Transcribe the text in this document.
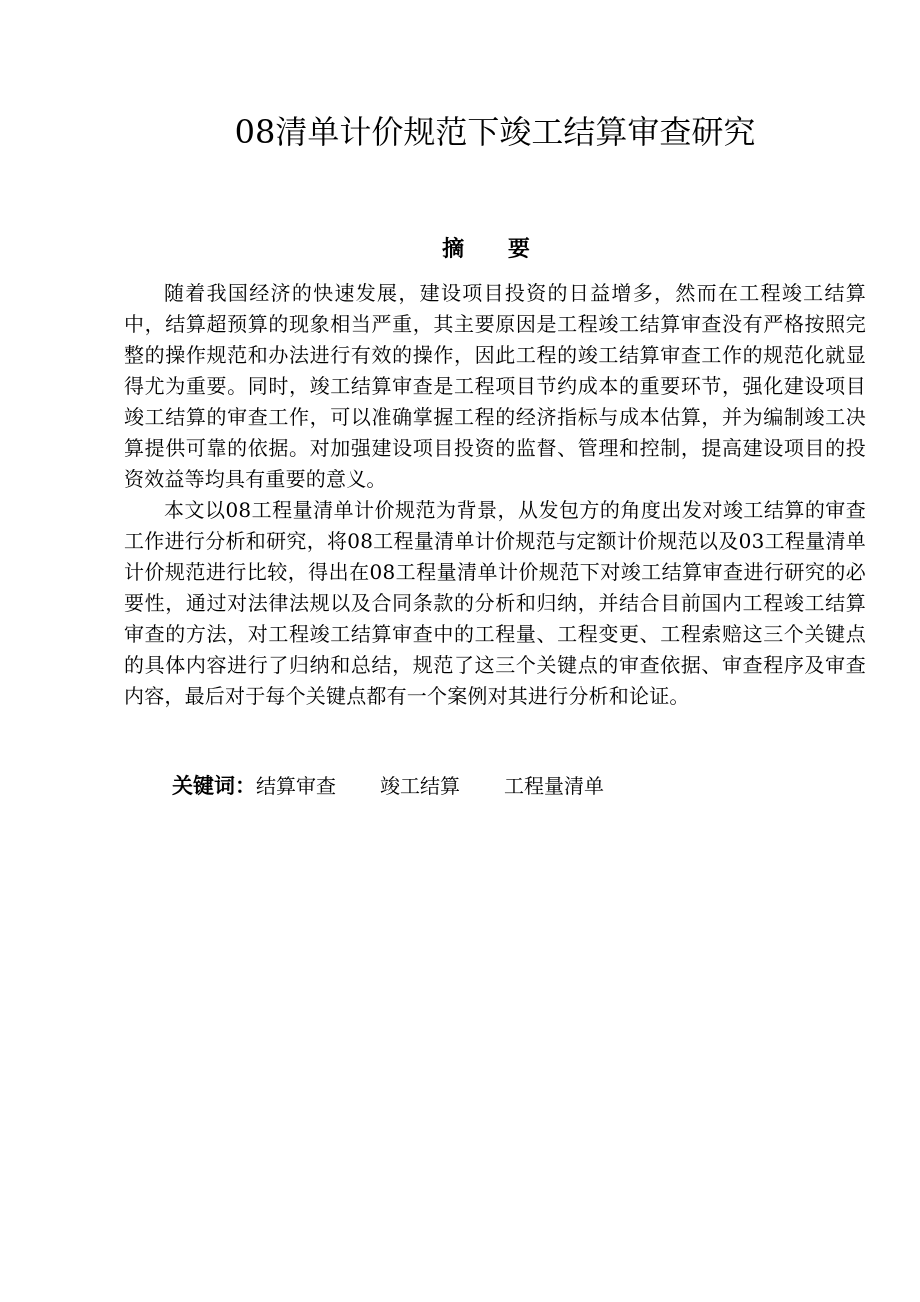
08清单计价规范下竣工结算审查研究
摘 要

随着我国经济的快速发展，建设项目投资的日益增多，然而在工程竣工结算中，结算超预算的现象相当严重，其主要原因是工程竣工结算审查没有严格按照完整的操作规范和办法进行有效的操作，因此工程的竣工结算审查工作的规范化就显得尤为重要。同时，竣工结算审查是工程项目节约成本的重要环节，强化建设项目竣工结算的审查工作，可以准确掌握工程的经济指标与成本估算，并为编制竣工决算提供可靠的依据。对加强建设项目投资的监督、管理和控制，提高建设项目的投资效益等均具有重要的意义。

本文以08工程量清单计价规范为背景，从发包方的角度出发对竣工结算的审查工作进行分析和研究，将08工程量清单计价规范与定额计价规范以及03工程量清单计价规范进行比较，得出在08工程量清单计价规范下对竣工结算审查进行研究的必要性，通过对法律法规以及合同条款的分析和归纳，并结合目前国内工程竣工结算审查的方法，对工程竣工结算审查中的工程量、工程变更、工程索赔这三个关键点的具体内容进行了归纳和总结，规范了这三个关键点的审查依据、审查程序及审查内容，最后对于每个关键点都有一个案例对其进行分析和论证。

关键词：结算审查 竣工结算 工程量清单
